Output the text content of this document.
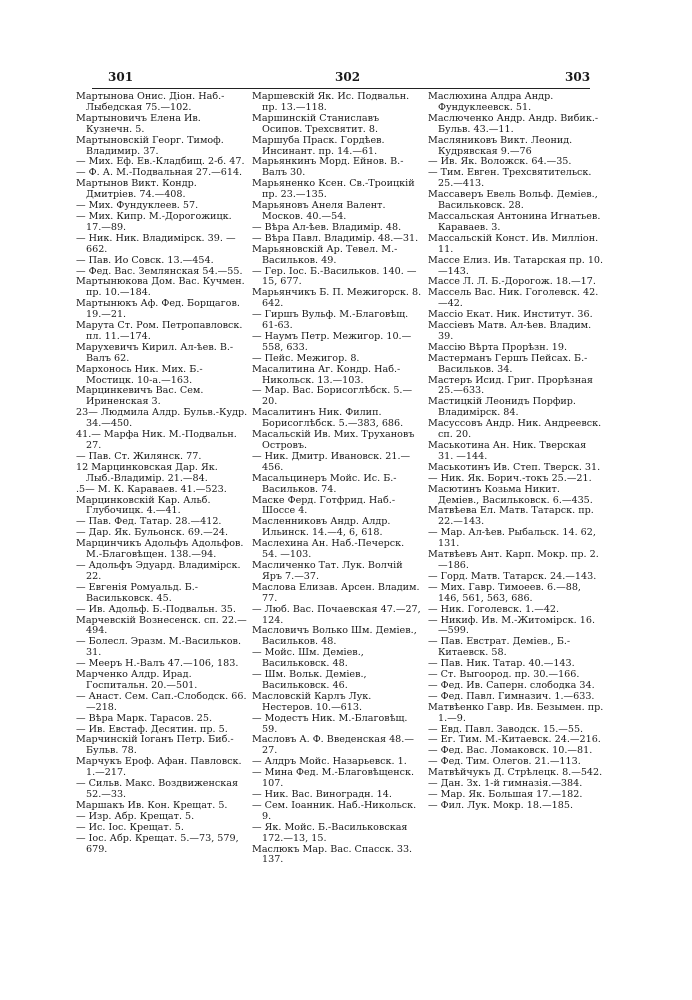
301	302	303

Мартынова Онис. Діон. Наб.-Лыбедская 75.—102.

Мартыновичъ Елена Ив. Кузнечн. 5.

Мартыновскій Георг. Тимоф. Владимир. 37.

— Мих. Еф. Ев.-Кладбищ. 2-б. 47.

— Ф. А. М.-Подвальная 27.—614.

Мартынов Викт. Кондр. Дмитріев. 74.—408.

— Мих. Фундуклеев. 57.

— Мих. Кипр. М.-Дорогожицк. 17.—89.

— Ник. Ник. Владимірск. 39. —662.

— Пав. Ио Совск. 13.—454.

— Фед. Вас. Землянская 54.—55.

Мартынюкова Дом. Вас. Кучмен. пр. 10.—184.

Мартынюкъ Аф. Фед. Борщагов. 19.—21.

Марута Ст. Ром. Петропавловск. пл. 11.—174.

Марухевичъ Кирил. Ал-ѣев. В.-Валъ 62.

Мархонось Ник. Мих. Б.-Мостицк. 10-а.—163.

Марцинкевичъ Вас. Сем. Ириненская 3.

23— Людмила Алдр. Бульв.-Кудр. 34.—450.

41.— Марфа Ник. М.-Подвальн. 27.

— Пав. Ст. Жилянск. 77.

12 Марцинковская Дар. Як. Лыб.-Владимір. 21.—84.

.5— М. К. Караваев. 41.—523.

Марцинковскій Кар. Альб. Глубочицк. 4.—41.

— Пав. Фед. Татар. 28.—412.

— Дар. Як. Бульонск. 69.—24.

Марцинчикъ Адольфъ Адольфов. М.-Благовѣщен. 138.—94.

— Адольфъ Эдуард. Владимірск. 22.

— Евгенія Ромуальд. Б.-Васильковск. 45.

— Ив. Адольф. Б.-Подвальн. 35.

Марчевскій Вознесенск. сп. 22.—494.

— Болесл. Эразм. М.-Васильков. 31.

— Мееръ Н.-Валъ 47.—106, 183.

Марченко Алдр. Ирад. Госпитальн. 20.—501.

— Анаст. Сем. Сап.-Слободск. 66.—218.

— Вѣра Марк. Тарасов. 25.

— Ив. Евстаф. Десятин. пр. 5.

Марчинскій Іоганъ Петр. Биб.-Бульв. 78.

Марчукъ Ероф. Афан. Павловск. 1.—217.

— Сильв. Макс. Воздвиженская 52.—33.

Маршакъ Ив. Кон. Крещат. 5.

— Изр. Абр. Крещат. 5.

— Ис. Іос. Крещат. 5.

— Іос. Абр. Крещат. 5.—73, 579, 679.

Маршевскій Як. Ис. Подвальн. пр. 13.—118.

Маршинскій Станиславъ Осипов. Трехсвятит. 8.

Маршуба Праск. Гордѣев. Инсинант. пр. 14.—61.

Марьянкинъ Морд. Ейнов. В.-Валъ 30.

Марьяненко Ксен. Св.-Троицкій пр. 23.—135.

Марьяновъ Анеля Валент. Москов. 40.—54.

— Вѣра Ал-ѣев. Владимір. 48.

— Вѣра Павл. Владимір. 48.—31.

Марьяновскій Ар. Тевел. М.-Васильков. 49.

— Гер. Іос. Б.-Васильков. 140. —15, 677.

Марьянчикъ Б. П. Межигорск. 8. 642.

— Гиршъ Вульф. М.-Благовѣщ. 61-63.

— Наумъ Петр. Межигор. 10.—558, 633.

— Пейс. Межигор. 8.

Масалитина Аг. Кондр. Наб.-Никольск. 13.—103.

— Мар. Вас. Борисоглѣбск. 5.—20.

Масалитинъ Ник. Филип. Борисоглѣбск. 5.—383, 686.

Масальскій Ив. Мих. Трухановъ Островъ.

— Ник. Дмитр. Ивановск. 21.—456.

Масальцинеръ Мойс. Ис. Б.-Васильков. 74.

Маске Ферд. Готфрид. Наб.-Шоссе 4.

Масленниковъ Андр. Алдр. Ильинск. 14.—4, 6, 618.

Маслехина Ан. Наб.-Печерск. 54. —103.

Масличенко Тат. Лук. Волчій Яръ 7.—37.

Маслова Елизав. Арсен. Владим. 77.

— Люб. Вас. Почаевская 47.—27, 124.

Масловичъ Волько Шм. Деміев., Васильков. 48.

— Мойс. Шм. Деміев., Васильковск. 48.

— Шм. Вольк. Деміев., Васильковск. 46.

Масловскій Карлъ Лук. Нестеров. 10.—613.

— Модестъ Ник. М.-Благовѣщ. 59.

Масловъ А. Ф. Введенская 48.—27.

— Алдръ Мойс. Назарьевск. 1.

— Мина Фед. М.-Благовѣщенск. 107.

— Ник. Вас. Виноградн. 14.

— Сем. Іоанник. Наб.-Никольск. 9.

— Як. Мойс. Б.-Васильковская 172.—13, 15.

Маслюкъ Мар. Вас. Спасск. 33. 137.

Маслюхина Алдра Андр. Фундуклеевск. 51.

Маслюченко Андр. Андр. Вибик.-Бульв. 43.—11.

Масляниковъ Викт. Леонид. Кудрявская 9.—76

— Ив. Як. Воложск. 64.—35.

— Тим. Евген. Трехсвятительск. 25.—413.

Массаверъ Евель Вольф. Деміев., Васильковск. 28.

Массальская Антонина Игнатьев. Караваев. 3.

Массальскій Конст. Ив. Милліон. 11.

Массе Елиз. Ив. Татарская пр. 10.—143.

Массе Л. Л. Б.-Дорогож. 18.—17.

Массель Вас. Ник. Гоголевск. 42. —42.

Массіо Екат. Ник. Институт. 36.

Массіевъ Матв. Ал-ѣев. Владим. 39.

Массію Вѣрта Прорѣзн. 19.

Мастерманъ Гершъ Пейсах. Б.-Васильков. 34.

Мастеръ Исид. Григ. Прорѣзная 25.—633.

Мастицкій Леонидъ Порфир. Владимірск. 84.

Масуссовъ Андр. Ник. Андреевск. сп. 20.

Маськотина Ан. Ник. Тверская 31. —144.

Маськотинъ Ив. Степ. Тверск. 31.

— Ник. Як. Борич.-токъ 25.—21.

Масютинъ Козьма Никит. Деміев., Васильковск. 6.—435.

Матвѣева Ел. Матв. Татарск. пр. 22.—143.

— Мар. Ал-ѣев. Рыбальск. 14. 62, 131.

Матвѣевъ Ант. Карп. Мокр. пр. 2.—186.

— Горд. Матв. Татарск. 24.—143.

— Мих. Гавр. Тимоеев. 6.—88, 146, 561, 563, 686.

— Ник. Гоголевск. 1.—42.

— Никиф. Ив. М.-Житомірск. 16.—599.

— Пав. Евстрат. Деміев., Б.-Китаевск. 58.

— Пав. Ник. Татар. 40.—143.

— Ст. Выгоород. пр. 30.—166.

— Фед. Ив. Саперн. слободка 34.

— Фед. Павл. Гимназич. 1.—633.

Матвѣенко Гавр. Ив. Безымен. пр. 1.—9.

— Евд. Павл. Заводск. 15.—55.

— Ег. Тим. М.-Китаевск. 24.—216.

— Фед. Вас. Ломаковск. 10.—81.

— Фед. Тим. Олегов. 21.—113.

Матвѣйчукъ Д. Стрѣлецк. 8.—542.

— Дан. Зх. 1-й гимназія.—384.

— Мар. Як. Большая 17.—182.

— Фил. Лук. Мокр. 18.—185.
